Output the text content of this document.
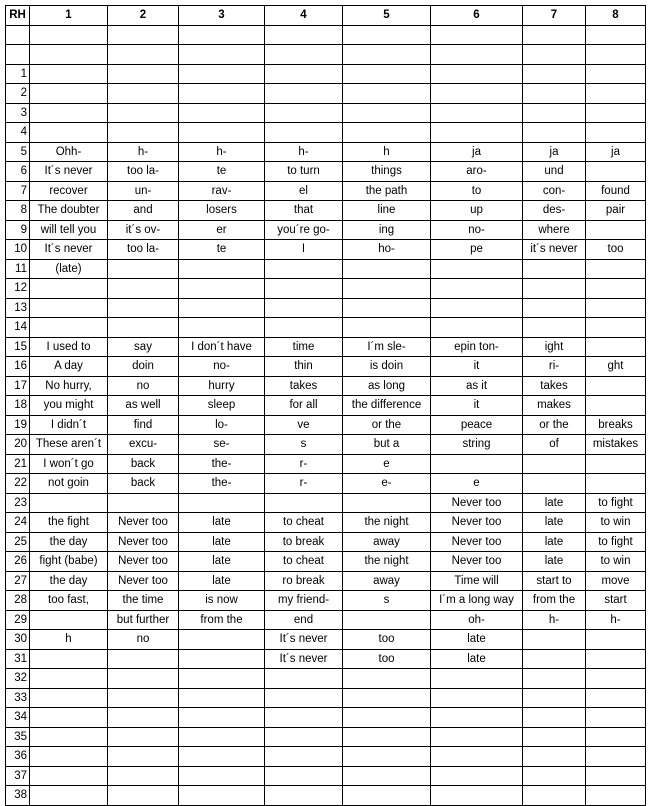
RH	1	2	3	4	5	6	7	8

1								
2								
3								
4								
5	Ohh-	h-	h-	h-	h	ja	ja	ja
6	It´s never	too la-	te	to turn	things	aro-	und	
7	recover	un-	rav-	el	the path	to	con-	found
8	The doubter	and	losers	that	line	up	des-	pair
9	will tell you	it´s ov-	er	you´re go-	ing	no-	where	
10	It´s never	too la-	te	I	ho-	pe	it´s never	too
11	(late)							
12								
13								
14								
15	I used to	say	I don´t have	time	I´m sle-	epin ton-	ight	
16	A day	doin	no-	thin	is doin	it	ri-	ght
17	No hurry,	no	hurry	takes	as long	as it	takes	
18	you might	as well	sleep	for all	the difference	it	makes	
19	I didn´t	find	lo-	ve	or the	peace	or the	breaks
20	These aren´t	excu-	se-	s	but a	string	of	mistakes
21	I won´t go	back	the-	r-	e			
22	not goin	back	the-	r-	e-	e		
23						Never too	late	to fight
24	the fight	Never too	late	to cheat	the night	Never too	late	to win
25	the day	Never too	late	to break	away	Never too	late	to fight
26	fight (babe)	Never too	late	to cheat	the night	Never too	late	to win
27	the day	Never too	late	ro break	away	Time will	start to	move
28	too fast,	the time	is now	my friend-	s	I´m a long way	from the	start
29		but further	from the	end		oh-	h-	h-
30	h	no		It´s never	too	late		
31				It´s never	too	late		
32								
33								
34								
35								
36								
37								
38								
